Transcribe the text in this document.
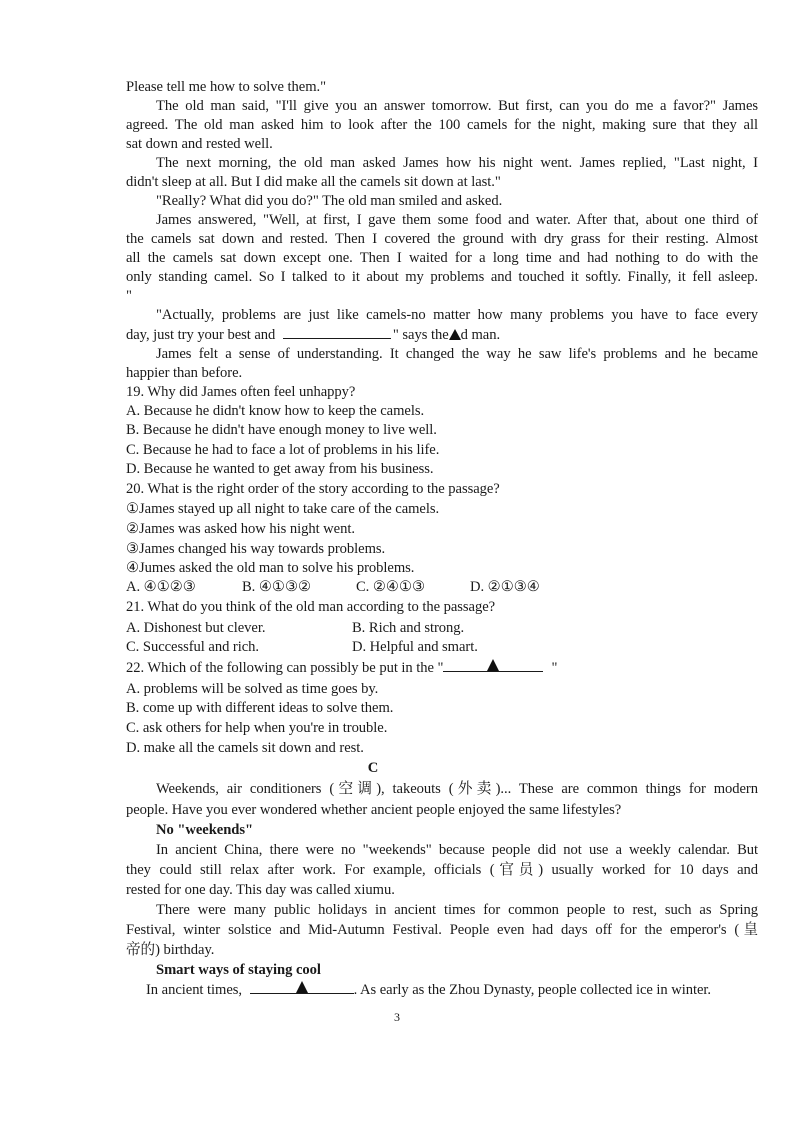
Please tell me how to solve them."
The old man said, "I'll give you an answer tomorrow. But first, can you do me a favor?" James
agreed. The old man asked him to look after the 100 camels for the night, making sure that they all
sat down and rested well.
The next morning, the old man asked James how his night went. James replied, "Last night, I
didn't sleep at all. But I did make all the camels sit down at last."
"Really? What did you do?" The old man smiled and asked.
James answered, "Well, at first, I gave them some food and water. After that, about one third of
the camels sat down and rested. Then I covered the ground with dry grass for their resting. Almost
all the camels sat down except one. Then I waited for a long time and had nothing to do with the
only standing camel. So I talked to it about my problems and touched it softly. Finally, it fell asleep.
"
"Actually, problems are just like camels-no matter how many problems you have to face every
day, just try your best and	" says the d man.
James felt a sense of understanding. It changed the way he saw life's problems and he became
happier than before.
19. Why did James often feel unhappy?
A. Because he didn't know how to keep the camels.
B. Because he didn't have enough money to live well.
C. Because he had to face a lot of problems in his life.
D. Because he wanted to get away from his business.
20. What is the right order of the story according to the passage?
①James stayed up all night to take care of the camels.
②James was asked how his night went.
③James changed his way towards problems.
④Jumes asked the old man to solve his problems.
A. ④①②③	B. ④①③②	C. ②④①③	D. ②①③④
21. What do you think of the old man according to the passage?
A. Dishonest but clever.	B. Rich and strong.
C. Successful and rich.	D. Helpful and smart.
22. Which of the following can possibly be put in the "	"
A. problems will be solved as time goes by.
B. come up with different ideas to solve them.
C. ask others for help when you're in trouble.
D. make all the camels sit down and rest.
C
Weekends, air conditioners (空调), takeouts (外卖)... These are common things for modern
people. Have you ever wondered whether ancient people enjoyed the same lifestyles?
No "weekends"
In ancient China, there were no "weekends" because people did not use a weekly calendar. But
they could still relax after work. For example, officials (官员) usually worked for 10 days and
rested for one day. This day was called xiumu.
There were many public holidays in ancient times for common people to rest, such as Spring
Festival, winter solstice and Mid-Autumn Festival. People even had days off for the emperor's (皇
帝的) birthday.
Smart ways of staying cool
In ancient times,	. As early as the Zhou Dynasty, people collected ice in winter.
3
